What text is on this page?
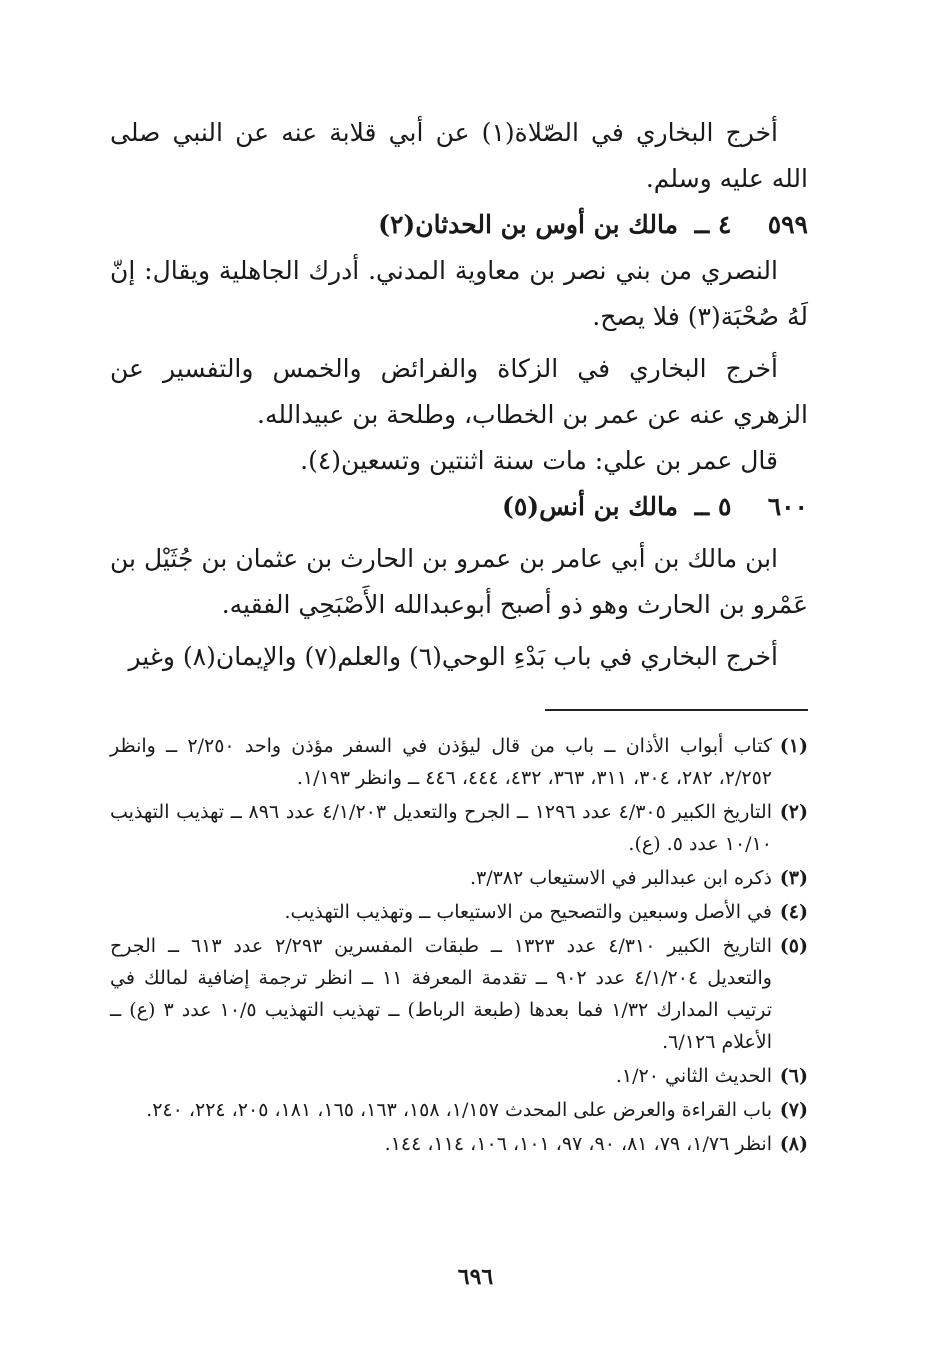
أخرج البخاري في الصّلاة(١) عن أبي قلابة عنه عن النبي صلى الله عليه وسلم.

٥٩٩
٤ ــ
مالك بن أوس بن الحدثان(٢)

النصري من بني نصر بن معاوية المدني. أدرك الجاهلية ويقال: إنّ لَهُ صُحْبَة(٣) فلا يصح.

أخرج البخاري في الزكاة والفرائض والخمس والتفسير عن الزهري عنه عن عمر بن الخطاب، وطلحة بن عبيدالله.

قال عمر بن علي: مات سنة اثنتين وتسعين(٤).

٦٠٠
٥ ــ
مالك بن أنس(٥)

ابن مالك بن أبي عامر بن عمرو بن الحارث بن عثمان بن جُثَيْل بن عَمْرو بن الحارث وهو ذو أصبح أبوعبدالله الأَصْبَحِي الفقيه.

أخرج البخاري في باب بَدْءِ الوحي(٦) والعلم(٧) والإيمان(٨) وغير

(١)
كتاب أبواب الأذان ــ باب من قال ليؤذن في السفر مؤذن واحد ٢/٢٥٠ ــ وانظر ٢/٢٥٢، ٢٨٢، ٣٠٤، ٣١١، ٣٦٣، ٤٣٢، ٤٤٤، ٤٤٦ ــ وانظر ١/١٩٣.
(٢)
التاريخ الكبير ٤/٣٠٥ عدد ١٢٩٦ ــ الجرح والتعديل ٤/١/٢٠٣ عدد ٨٩٦ ــ تهذيب التهذيب ١٠/١٠ عدد ٥. (ع).
(٣)
ذكره ابن عبدالبر في الاستيعاب ٣/٣٨٢.
(٤)
في الأصل وسبعين والتصحيح من الاستيعاب ــ وتهذيب التهذيب.
(٥)
التاريخ الكبير ٤/٣١٠ عدد ١٣٢٣ ــ طبقات المفسرين ٢/٢٩٣ عدد ٦١٣ ــ الجرح والتعديل ٤/١/٢٠٤ عدد ٩٠٢ ــ تقدمة المعرفة ١١ ــ انظر ترجمة إضافية لمالك في ترتيب المدارك ١/٣٢ فما بعدها (طبعة الرباط) ــ تهذيب التهذيب ١٠/٥ عدد ٣ (ع) ــ الأعلام ٦/١٢٦.
(٦)
الحديث الثاني ١/٢٠.
(٧)
باب القراءة والعرض على المحدث ١/١٥٧، ١٥٨، ١٦٣، ١٦٥، ١٨١، ٢٠٥، ٢٢٤، ٢٤٠.
(٨)
انظر ١/٧٦، ٧٩، ٨١، ٩٠، ٩٧، ١٠١، ١٠٦، ١١٤، ١٤٤.
٦٩٦
